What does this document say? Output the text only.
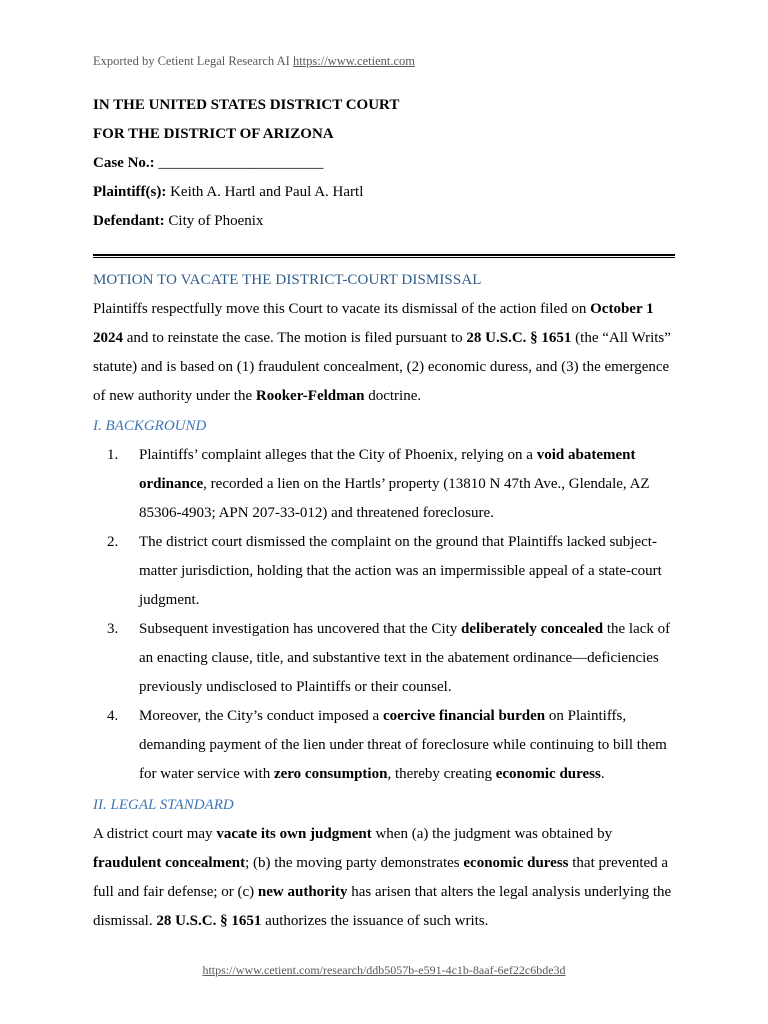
Exported by Cetient Legal Research AI https://www.cetient.com
IN THE UNITED STATES DISTRICT COURT
FOR THE DISTRICT OF ARIZONA
Case No.: ______________________
Plaintiff(s): Keith A. Hartl and Paul A. Hartl
Defendant: City of Phoenix
MOTION TO VACATE THE DISTRICT-COURT DISMISSAL
Plaintiffs respectfully move this Court to vacate its dismissal of the action filed on October 1 2024 and to reinstate the case. The motion is filed pursuant to 28 U.S.C. § 1651 (the “All Writs” statute) and is based on (1) fraudulent concealment, (2) economic duress, and (3) the emergence of new authority under the Rooker-Feldman doctrine.
I. BACKGROUND
1. Plaintiffs’ complaint alleges that the City of Phoenix, relying on a void abatement ordinance, recorded a lien on the Hartls’ property (13810 N 47th Ave., Glendale, AZ 85306-4903; APN 207-33-012) and threatened foreclosure.
2. The district court dismissed the complaint on the ground that Plaintiffs lacked subject-matter jurisdiction, holding that the action was an impermissible appeal of a state-court judgment.
3. Subsequent investigation has uncovered that the City deliberately concealed the lack of an enacting clause, title, and substantive text in the abatement ordinance—deficiencies previously undisclosed to Plaintiffs or their counsel.
4. Moreover, the City’s conduct imposed a coercive financial burden on Plaintiffs, demanding payment of the lien under threat of foreclosure while continuing to bill them for water service with zero consumption, thereby creating economic duress.
II. LEGAL STANDARD
A district court may vacate its own judgment when (a) the judgment was obtained by fraudulent concealment; (b) the moving party demonstrates economic duress that prevented a full and fair defense; or (c) new authority has arisen that alters the legal analysis underlying the dismissal. 28 U.S.C. § 1651 authorizes the issuance of such writs.
https://www.cetient.com/research/ddb5057b-e591-4c1b-8aaf-6ef22c6bde3d
